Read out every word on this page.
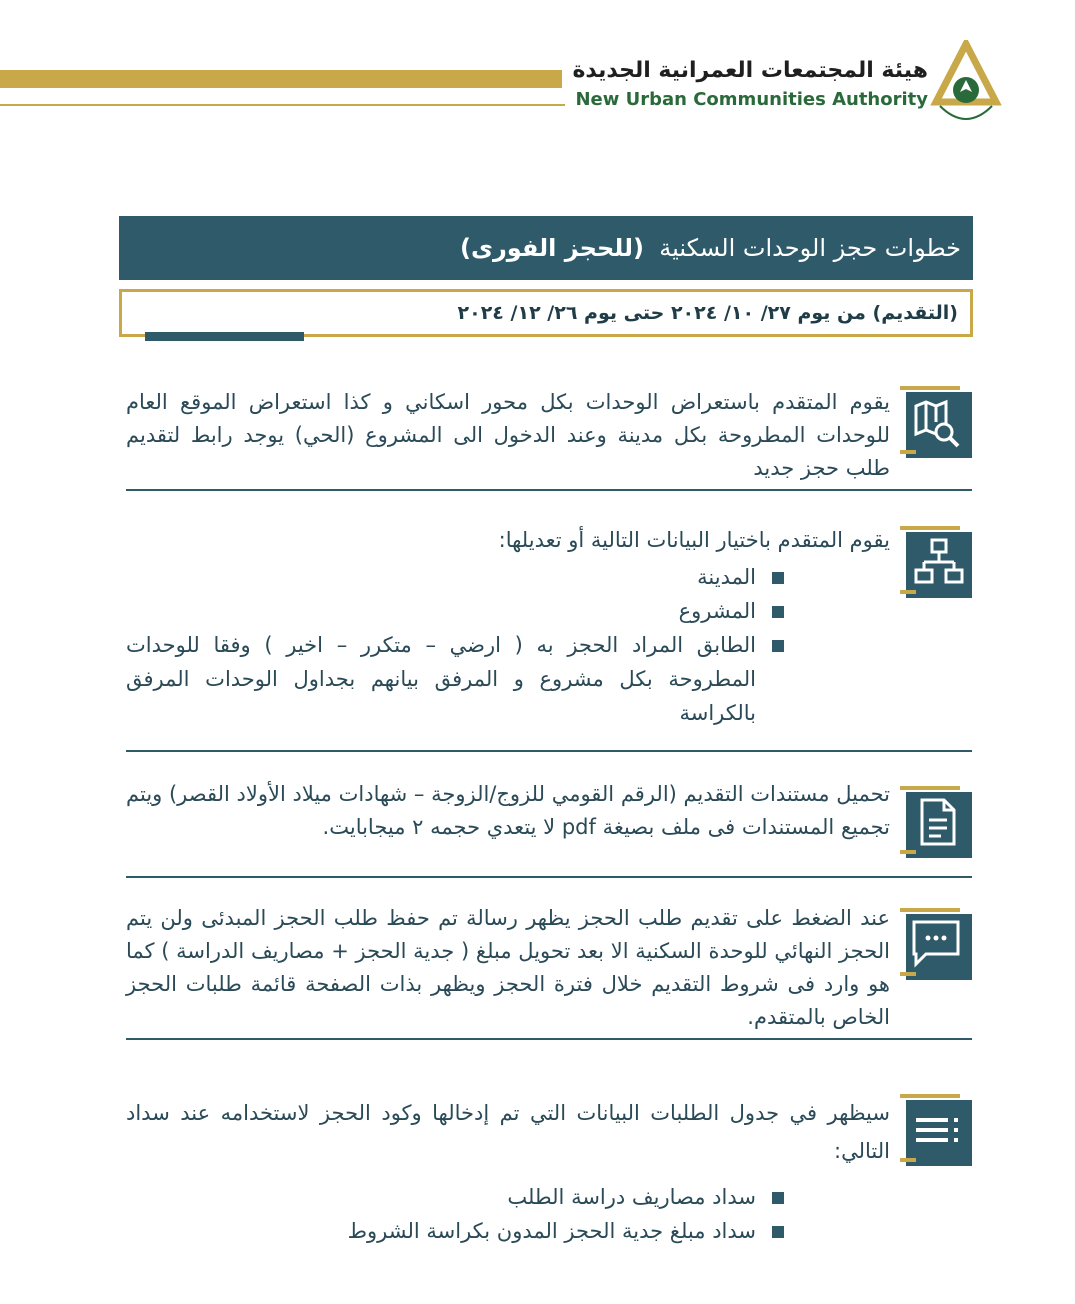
هيئة المجتمعات العمرانية الجديدة
New Urban Communities Authority
خطوات حجز الوحدات السكنية  (للحجز الفورى)
(التقديم) من يوم ٢٧/ ١٠/ ٢٠٢٤ حتى يوم ٢٦/ ١٢/ ٢٠٢٤
يقوم المتقدم باستعراض الوحدات بكل محور اسكاني و كذا استعراض الموقع العام للوحدات المطروحة بكل مدينة وعند الدخول الى المشروع (الحي) يوجد رابط لتقديم طلب حجز جديد
يقوم المتقدم باختيار البيانات التالية أو تعديلها:
المدينة
المشروع
الطابق المراد الحجز به ( ارضي – متكرر – اخير ) وفقا للوحدات المطروحة بكل مشروع و المرفق بيانهم بجداول الوحدات المرفق بالكراسة
تحميل مستندات التقديم (الرقم القومي للزوج/الزوجة – شهادات ميلاد الأولاد القصر) ويتم تجميع المستندات فى ملف بصيغة pdf لا يتعدي حجمه ٢ ميجابايت.
عند الضغط على تقديم طلب الحجز يظهر رسالة تم حفظ طلب الحجز المبدئى ولن يتم الحجز النهائي للوحدة السكنية الا بعد تحويل مبلغ ( جدية الحجز + مصاريف الدراسة ) كما هو وارد فى شروط التقديم خلال فترة الحجز ويظهر بذات الصفحة قائمة طلبات الحجز الخاص بالمتقدم.
سيظهر في جدول الطلبات البيانات التي تم إدخالها وكود الحجز لاستخدامه عند سداد التالي:
سداد مصاريف دراسة الطلب
سداد مبلغ جدية الحجز المدون بكراسة الشروط
